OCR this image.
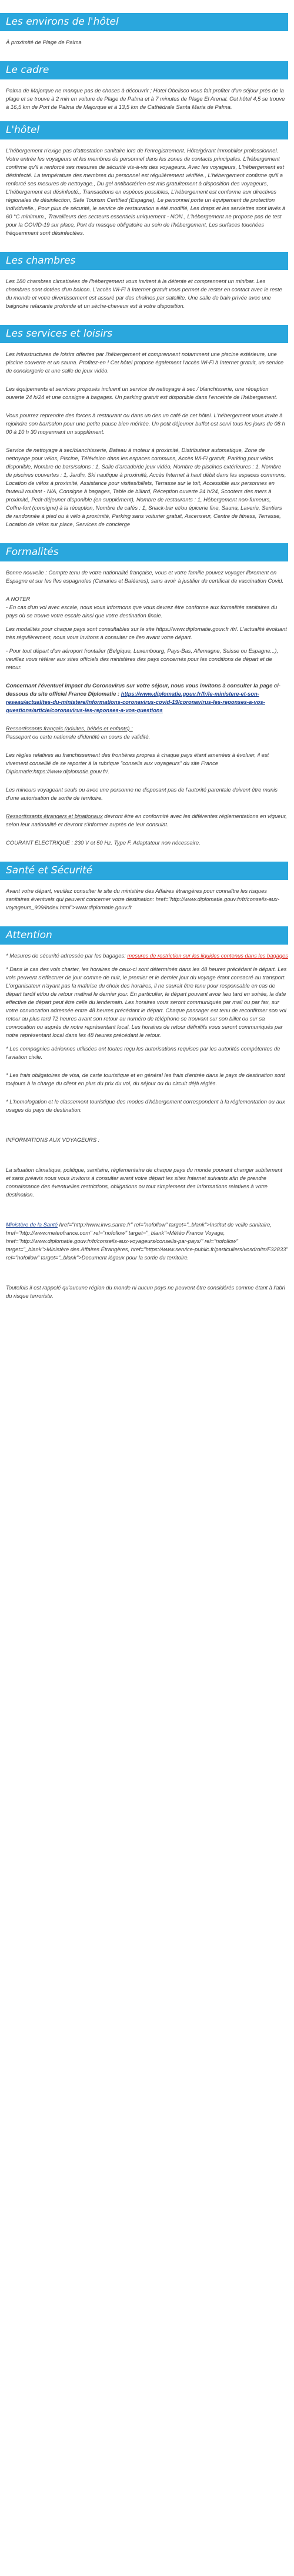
Les environs de l'hôtel

À proximité de Plage de Palma

Le cadre

Palma de Majorque ne manque pas de choses à découvrir ; Hotel Obelisco vous fait profiter d'un séjour près de la plage et se trouve à 2 min en voiture de Plage de Palma et à 7 minutes de Plage El Arenal. Cet hôtel 4,5 se trouve à 16,5 km de Port de Palma de Majorque et à 13,5 km de Cathédrale Santa Maria de Palma.

L'hôtel

L'hébergement n'exige pas d'attestation sanitaire lors de l'enregistrement. Hôte/gérant immobilier professionnel. Votre entrée les voyageurs et les membres du personnel dans les zones de contacts principales. L'hébergement confirme qu'il a renforcé ses mesures de sécurité vis-à-vis des voyageurs. Avec les voyageurs, L'hébergement est désinfecté. La température des membres du personnel est régulièrement vérifiée., L'hébergement confirme qu'il a renforcé ses mesures de nettoyage., Du gel antibactérien est mis gratuitement à disposition des voyageurs, L'hébergement est désinfecté., Transactions en espèces possibles, L'hébergement est conforme aux directives régionales de désinfection, Safe Tourism Certified (Espagne), Le personnel porte un équipement de protection individuelle., Pour plus de sécurité, le service de restauration a été modifié, Les draps et les serviettes sont lavés à 60 °C minimum., Travailleurs des secteurs essentiels uniquement - NON., L'hébergement ne propose pas de test pour la COVID-19 sur place, Port du masque obligatoire au sein de l'hébergement, Les surfaces touchées fréquemment sont désinfectées.

Les chambres

Les 180 chambres climatisées de l'hébergement vous invitent à la détente et comprennent un minibar. Les chambres sont dotées d'un balcon. L'accès Wi-Fi à Internet gratuit vous permet de rester en contact avec le reste du monde et votre divertissement est assuré par des chaînes par satellite. Une salle de bain privée avec une baignoire relaxante profonde et un sèche-cheveux est à votre disposition.

Les services et loisirs

Les infrastructures de loisirs offertes par l'hébergement et comprennent notamment une piscine extérieure, une piscine couverte et un sauna. Profitez-en ! Cet hôtel propose également l'accès Wi-Fi à Internet gratuit, un service de conciergerie et une salle de jeux vidéo.

Les équipements et services proposés incluent un service de nettoyage à sec / blanchisserie, une réception ouverte 24 h/24 et une consigne à bagages. Un parking gratuit est disponible dans l'enceinte de l'hébergement.

Vous pourrez reprendre des forces à restaurant ou dans un des un café de cet hôtel. L'hébergement vous invite à rejoindre son bar/salon pour une petite pause bien méritée. Un petit déjeuner buffet est servi tous les jours de 08 h 00 à 10 h 30 moyennant un supplément.

Service de nettoyage à sec/blanchisserie, Bateau à moteur à proximité, Distributeur automatique, Zone de nettoyage pour vélos, Piscine, Télévision dans les espaces communs, Accès Wi-Fi gratuit, Parking pour vélos disponible, Nombre de bars/salons : 1, Salle d'arcade/de jeux vidéo, Nombre de piscines extérieures : 1, Nombre de piscines couvertes : 1, Jardin, Ski nautique à proximité, Accès Internet à haut débit dans les espaces communs, Location de vélos à proximité, Assistance pour visites/billets, Terrasse sur le toit, Accessible aux personnes en fauteuil roulant - N/A, Consigne à bagages, Table de billard, Réception ouverte 24 h/24, Scooters des mers à proximité, Petit-déjeuner disponible (en supplément), Nombre de restaurants : 1, Hébergement non-fumeurs, Coffre-fort (consigne) à la réception, Nombre de cafés : 1, Snack-bar et/ou épicerie fine, Sauna, Laverie, Sentiers de randonnée à pied ou à vélo à proximité, Parking sans voiturier gratuit, Ascenseur, Centre de fitness, Terrasse, Location de vélos sur place, Services de concierge

Formalités

Bonne nouvelle : Compte tenu de votre nationalité française, vous et votre famille pouvez voyager librement en Espagne et sur les îles espagnoles (Canaries et Baléares), sans avoir à justifier de certificat de vaccination Covid.

A NOTER

- En cas d'un vol avec escale, nous vous informons que vous devrez être conforme aux formalités sanitaires du pays où se trouve votre escale ainsi que votre destination finale.

Les modalités pour chaque pays sont consultables sur le site https://www.diplomatie.gouv.fr /fr/. L'actualité évoluant très régulièrement, nous vous invitons à consulter ce lien avant votre départ.

- Pour tout départ d'un aéroport frontalier (Belgique, Luxembourg, Pays-Bas, Allemagne, Suisse ou Espagne...), veuillez vous référer aux sites officiels des ministères des pays concernés pour les conditions de départ et de retour.

Concernant l'éventuel impact du Coronavirus sur votre séjour, nous vous invitons à consulter la page ci-dessous du site officiel France Diplomatie : https://www.diplomatie.gouv.fr/fr/le-ministere-et-son-reseau/actualites-du-ministere/informations-coronavirus-covid-19/coronavirus-les-reponses-a-vos-questions/article/coronavirus-les-reponses-a-vos-questions

Ressortissants français (adultes, bébés et enfants) :

Passeport ou carte nationale d'identité en cours de validité.

Les règles relatives au franchissement des frontières propres à chaque pays étant amenées à évoluer, il est vivement conseillé de se reporter à la rubrique "conseils aux voyageurs" du site France Diplomatie:https://www.diplomatie.gouv.fr/.

Les mineurs voyageant seuls ou avec une personne ne disposant pas de l'autorité parentale doivent être munis d'une autorisation de sortie de territoire.

Ressortissants étrangers et binationaux devront être en conformité avec les différentes réglementations en vigueur, selon leur nationalité et devront s'informer auprès de leur consulat.

COURANT ÉLECTRIQUE : 230 V et 50 Hz. Type F. Adaptateur non nécessaire.

Santé et Sécurité

Avant votre départ, veuillez consulter le site du ministère des Affaires étrangères pour connaître les risques sanitaires éventuels qui peuvent concerner votre destination: href="http://www.diplomatie.gouv.fr/fr/conseils-aux-voyageurs_909/index.html">www.diplomatie.gouv.fr

Attention

* Mesures de sécurité adressée par les bagages: mesures de restriction sur les liquides contenus dans les bagages

* Dans le cas des vols charter, les horaires de ceux-ci sont déterminés dans les 48 heures précédant le départ. Les vols peuvent s'effectuer de jour comme de nuit, le premier et le dernier jour du voyage étant consacré au transport. L'organisateur n'ayant pas la maîtrise du choix des horaires, il ne saurait être tenu pour responsable en cas de départ tardif et/ou de retour matinal le dernier jour. En particulier, le départ pouvant avoir lieu tard en soirée, la date effective de départ peut être celle du lendemain. Les horaires vous seront communiqués par mail ou par fax, sur votre convocation adressée entre 48 heures précédant le départ. Chaque passager est tenu de reconfirmer son vol retour au plus tard 72 heures avant son retour au numéro de téléphone se trouvant sur son billet ou sur sa convocation ou auprès de notre représentant local. Les horaires de retour définitifs vous seront communiqués par notre représentant local dans les 48 heures précédant le retour.

* Les compagnies aériennes utilisées ont toutes reçu les autorisations requises par les autorités compétentes de l'aviation civile.

* Les frais obligatoires de visa, de carte touristique et en général les frais d'entrée dans le pays de destination sont toujours à la charge du client en plus du prix du vol, du séjour ou du circuit déjà réglés.

* L'homologation et le classement touristique des modes d'hébergement correspondent à la réglementation ou aux usages du pays de destination.

INFORMATIONS AUX VOYAGEURS :

La situation climatique, politique, sanitaire, réglementaire de chaque pays du monde pouvant changer subitement et sans préavis nous vous invitons à consulter avant votre départ les sites Internet suivants afin de prendre connaissance des éventuelles restrictions, obligations ou tout simplement des informations relatives à votre destination.

Ministère de la Santé href="http://www.invs.sante.fr" rel="nofollow" target="_blank">Institut de veille sanitaire, href="http://www.meteofrance.com" rel="nofollow" target="_blank">Météo France Voyage, href="http://www.diplomatie.gouv.fr/fr/conseils-aux-voyageurs/conseils-par-pays/" rel="nofollow" target="_blank">Ministère des Affaires Étrangères, href="https://www.service-public.fr/particuliers/vosdroits/F32833" rel="nofollow" target="_blank">Document légaux pour la sortie du territoire.

Toutefois il est rappelé qu'aucune région du monde ni aucun pays ne peuvent être considérés comme étant à l'abri du risque terroriste.
